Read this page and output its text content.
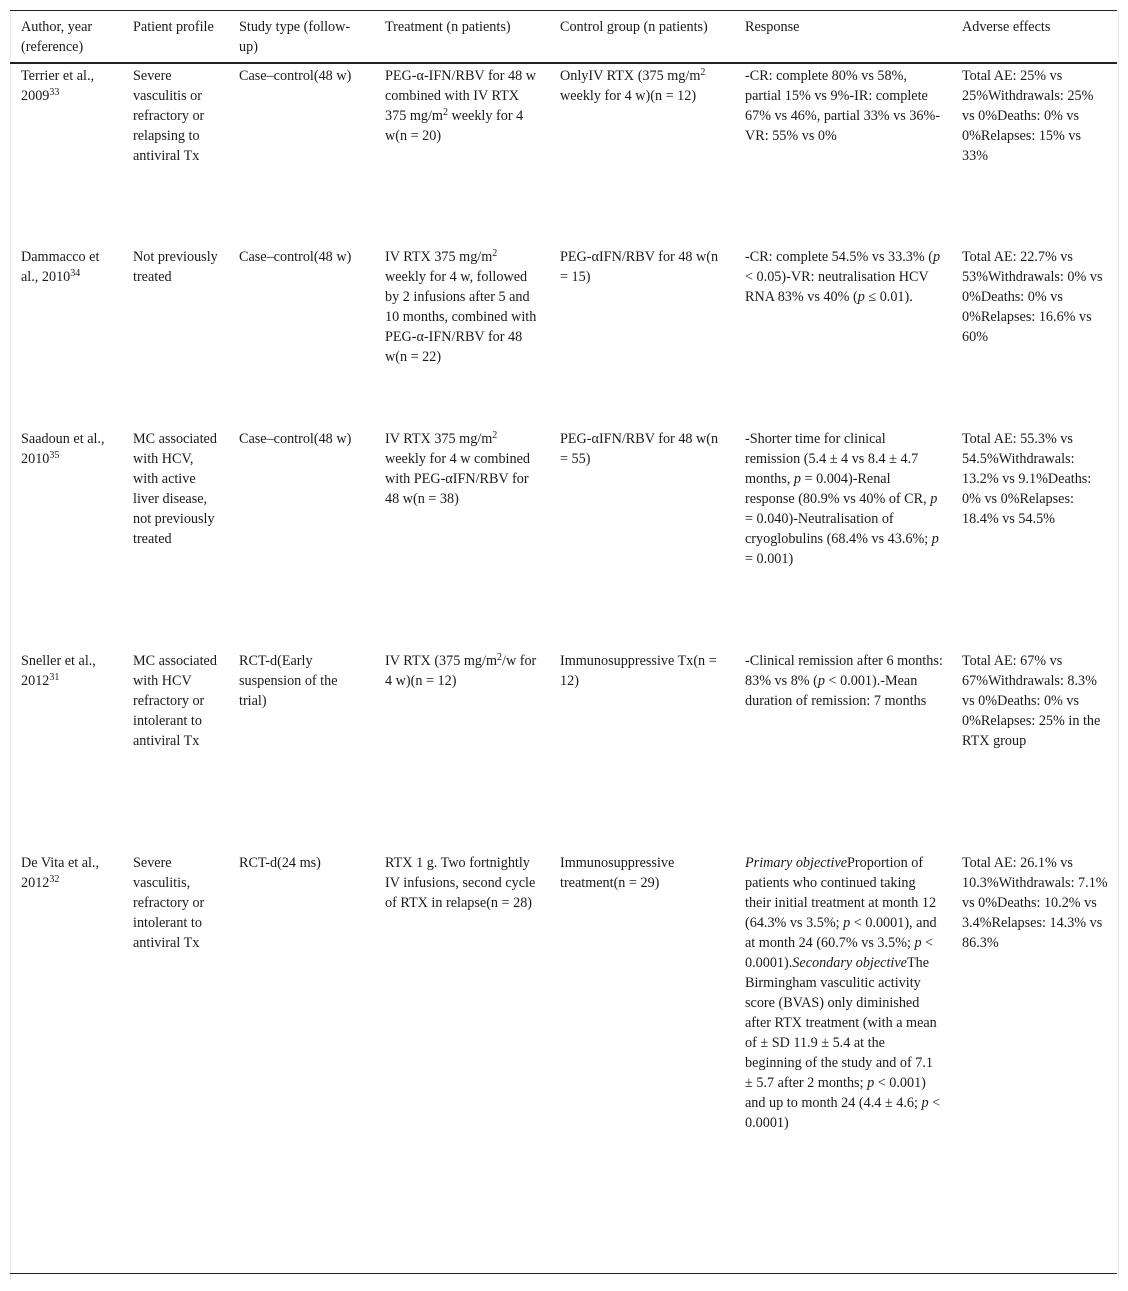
Author, year (reference)	Patient profile	Study type (follow-up)	Treatment (n patients)	Control group (n patients)	Response	Adverse effects
Terrier et al., 2009$^{33}$	Severe vasculitis or refractory or relapsing to antiviral Tx	Case–control(48 w)	PEG-α-IFN/RBV for 48 w combined with IV RTX 375 $mg/m^2$ weekly for 4 w(n = 20)	OnlyIV RTX (375 $mg/m^2$ weekly for 4 w)(n = 12)	-CR: complete 80% vs 58%, partial 15% vs 9%-IR: complete 67% vs 46%, partial 33% vs 36%-VR: 55% vs 0%	Total AE: 25% vs 25%Withdrawals: 25% vs 0%Deaths: 0% vs 0%Relapses: 15% vs 33%
Dammacco et al., 2010$^{34}$	Not previously treated	Case–control(48 w)	IV RTX 375 $mg/m^2$ weekly for 4 w, followed by 2 infusions after 5 and 10 months, combined with PEG-α-IFN/RBV for 48 w(n = 22)	PEG-αIFN/RBV for 48 w(n = 15)	-CR: complete 54.5% vs 33.3% (p < 0.05)-VR: neutralisation HCV RNA 83% vs 40% (p ≤ 0.01).	Total AE: 22.7% vs 53%Withdrawals: 0% vs 0%Deaths: 0% vs 0%Relapses: 16.6% vs 60%
Saadoun et al., 2010$^{35}$	MC associated with HCV, with active liver disease, not previously treated	Case–control(48 w)	IV RTX 375 $mg/m^2$ weekly for 4 w combined with PEG-αIFN/RBV for 48 w(n = 38)	PEG-αIFN/RBV for 48 w(n = 55)	-Shorter time for clinical remission (5.4 ± 4 vs 8.4 ± 4.7 months, p = 0.004)-Renal response (80.9% vs 40% of CR, p = 0.040)-Neutralisation of cryoglobulins (68.4% vs 43.6%; p = 0.001)	Total AE: 55.3% vs 54.5%Withdrawals: 13.2% vs 9.1%Deaths: 0% vs 0%Relapses: 18.4% vs 54.5%
Sneller et al., 2012$^{31}$	MC associated with HCV refractory or intolerant to antiviral Tx	RCT-d(Early suspension of the trial)	IV RTX (375 $mg/m^2/w$ for 4 w)(n = 12)	Immunosuppressive Tx(n = 12)	-Clinical remission after 6 months: 83% vs 8% (p < 0.001).-Mean duration of remission: 7 months	Total AE: 67% vs 67%Withdrawals: 8.3% vs 0%Deaths: 0% vs 0%Relapses: 25% in the RTX group
De Vita et al., 2012$^{32}$	Severe vasculitis, refractory or intolerant to antiviral Tx	RCT-d(24 ms)	RTX 1 g. Two fortnightly IV infusions, second cycle of RTX in relapse(n = 28)	Immunosuppressive treatment(n = 29)	Primary objectiveProportion of patients who continued taking their initial treatment at month 12 (64.3% vs 3.5%; p < 0.0001), and at month 24 (60.7% vs 3.5%; p < 0.0001).Secondary objectiveThe Birmingham vasculitic activity score (BVAS) only diminished after RTX treatment (with a mean of ± SD 11.9 ± 5.4 at the beginning of the study and of 7.1 ± 5.7 after 2 months; p < 0.001) and up to month 24 (4.4 ± 4.6; p < 0.0001)	Total AE: 26.1% vs 10.3%Withdrawals: 7.1% vs 0%Deaths: 10.2% vs 3.4%Relapses: 14.3% vs 86.3%
